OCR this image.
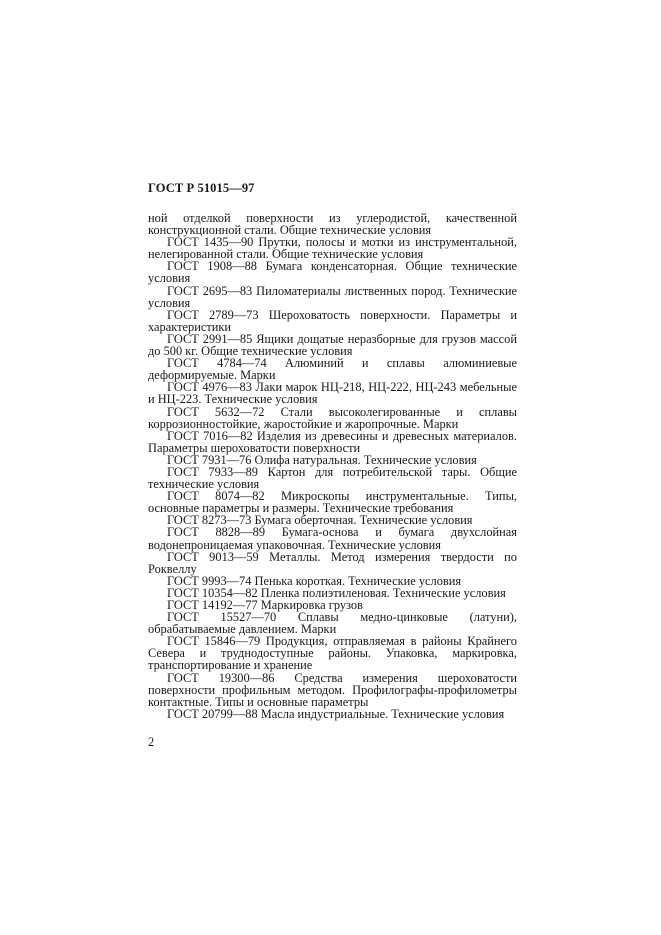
ГОСТ Р 51015—97

ной отделкой поверхности из углеродистой, качественной конструкционной стали. Общие технические условия

ГОСТ 1435—90 Прутки, полосы и мотки из инструментальной, нелегированной стали. Общие технические условия

ГОСТ 1908—88 Бумага конденсаторная. Общие технические условия

ГОСТ 2695—83 Пиломатериалы лиственных пород. Технические условия

ГОСТ 2789—73 Шероховатость поверхности. Параметры и характеристики

ГОСТ 2991—85 Ящики дощатые неразборные для грузов массой до 500 кг. Общие технические условия

ГОСТ 4784—74 Алюминий и сплавы алюминиевые деформируемые. Марки

ГОСТ 4976—83 Лаки марок НЦ-218, НЦ-222, НЦ-243 мебельные и НЦ-223. Технические условия

ГОСТ 5632—72 Стали высоколегированные и сплавы коррозионностойкие, жаростойкие и жаропрочные. Марки

ГОСТ 7016—82 Изделия из древесины и древесных материалов. Параметры шероховатости поверхности

ГОСТ 7931—76 Олифа натуральная. Технические условия

ГОСТ 7933—89 Картон для потребительской тары. Общие технические условия

ГОСТ 8074—82 Микроскопы инструментальные. Типы, основные параметры и размеры. Технические требования

ГОСТ 8273—73 Бумага оберточная. Технические условия

ГОСТ 8828—89 Бумага-основа и бумага двухслойная водонепроницаемая упаковочная. Технические условия

ГОСТ 9013—59 Металлы. Метод измерения твердости по Роквеллу

ГОСТ 9993—74 Пенька короткая. Технические условия

ГОСТ 10354—82 Пленка полиэтиленовая. Технические условия

ГОСТ 14192—77 Маркировка грузов

ГОСТ 15527—70 Сплавы медно-цинковые (латуни), обрабатываемые давлением. Марки

ГОСТ 15846—79 Продукция, отправляемая в районы Крайнего Севера и труднодоступные районы. Упаковка, маркировка, транспортирование и хранение

ГОСТ 19300—86 Средства измерения шероховатости поверхности профильным методом. Профилографы-профилометры контактные. Типы и основные параметры

ГОСТ 20799—88 Масла индустриальные. Технические условия

2
